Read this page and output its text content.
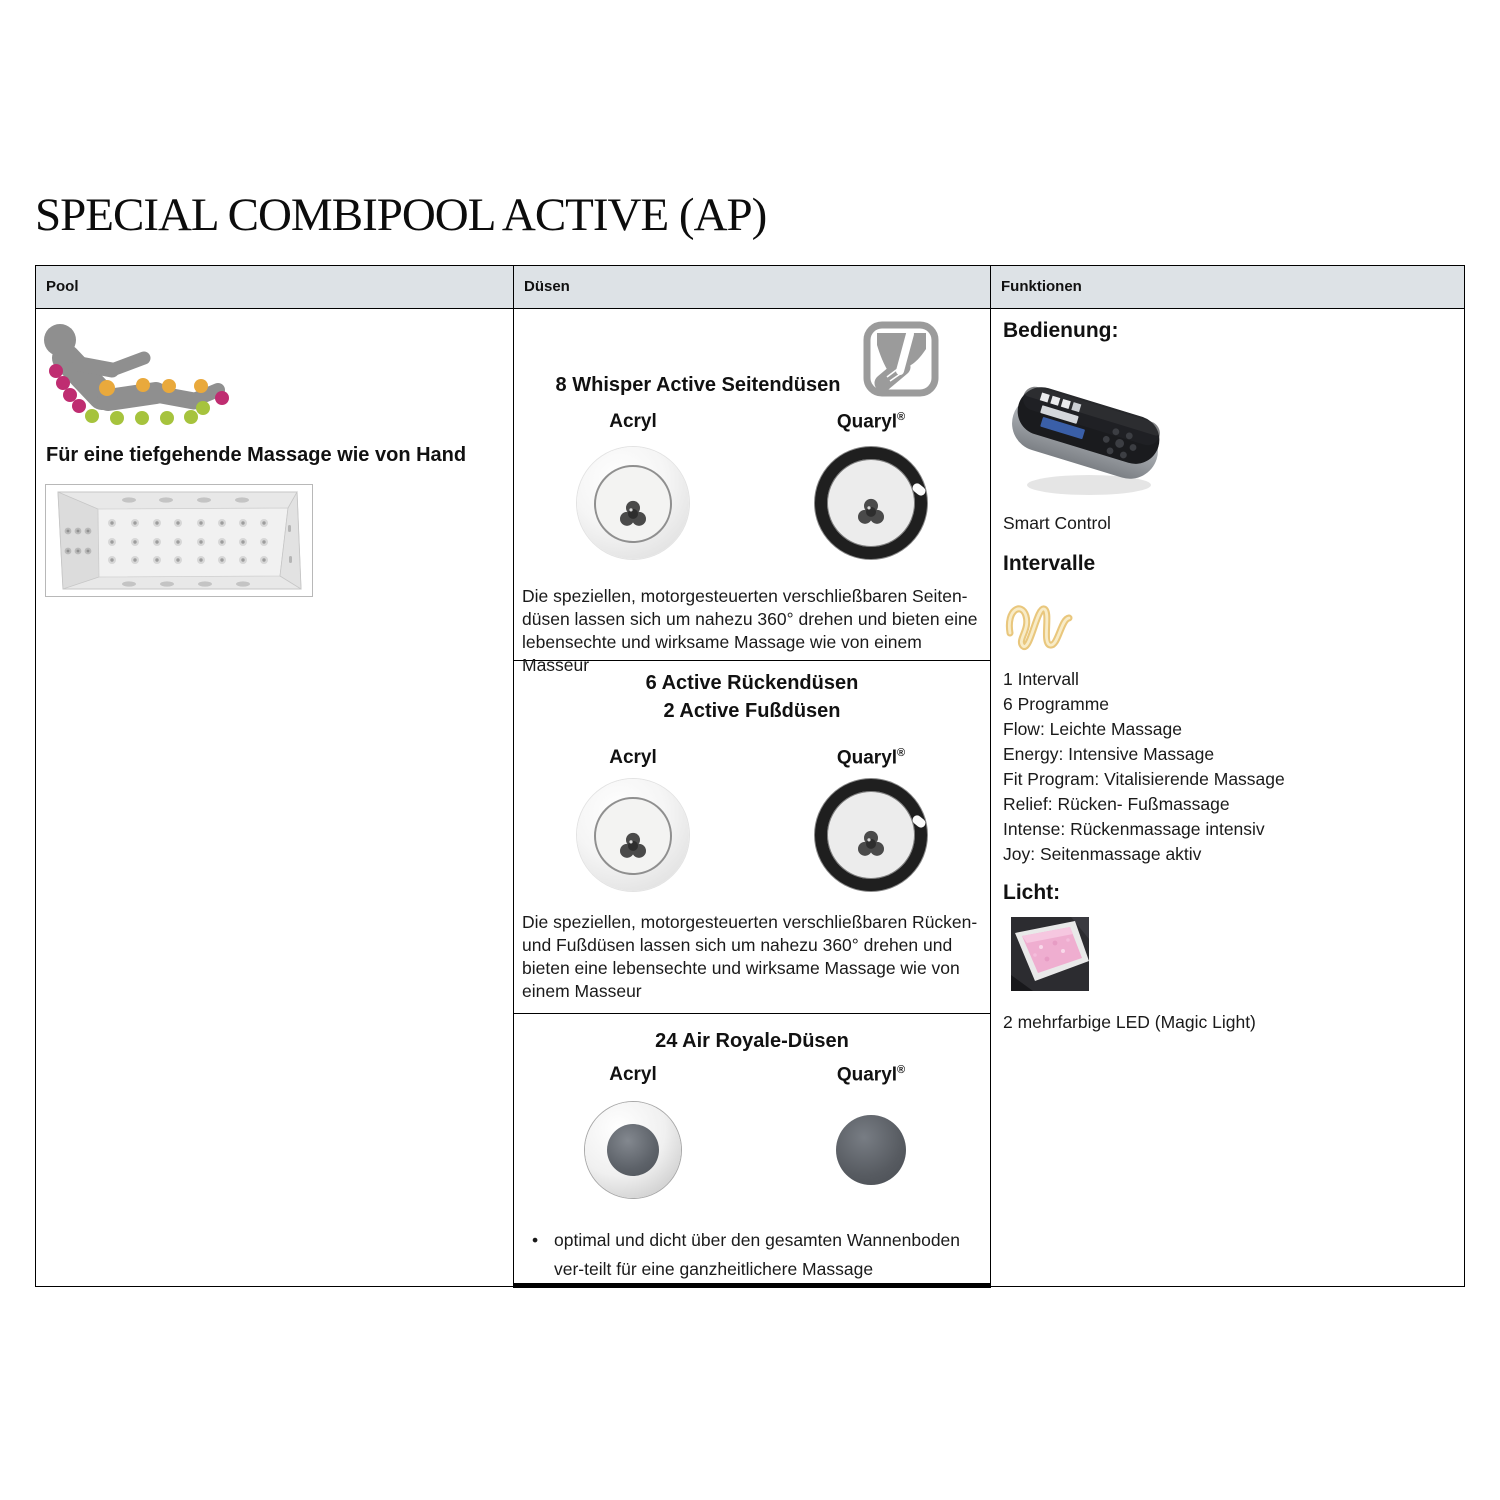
SPECIAL COMBIPOOL ACTIVE (AP)
Pool	Düsen	Funktionen
Für eine tiefgehende Massage wie von Hand
8 Whisper Active Seitendüsen
Acryl	Quaryl®
Die speziellen, motorgesteuerten verschließbaren Seiten-düsen lassen sich um nahezu 360° drehen und bieten eine lebensechte und wirksame Massage wie von einem Masseur
6 Active Rückendüsen
2 Active Fußdüsen
Acryl	Quaryl®
Die speziellen, motorgesteuerten verschließbaren Rücken- und Fußdüsen lassen sich um nahezu 360° drehen und bieten eine lebensechte und wirksame Massage wie von einem Masseur
24 Air Royale-Düsen
Acryl	Quaryl®
• optimal und dicht über den gesamten Wannenboden ver-teilt für eine ganzheitlichere Massage
Bedienung:
Smart Control
Intervalle
1 Intervall
6 Programme
Flow: Leichte Massage
Energy: Intensive Massage
Fit Program: Vitalisierende Massage
Relief: Rücken- Fußmassage
Intense: Rückenmassage intensiv
Joy: Seitenmassage aktiv
Licht:
2 mehrfarbige LED (Magic Light)
